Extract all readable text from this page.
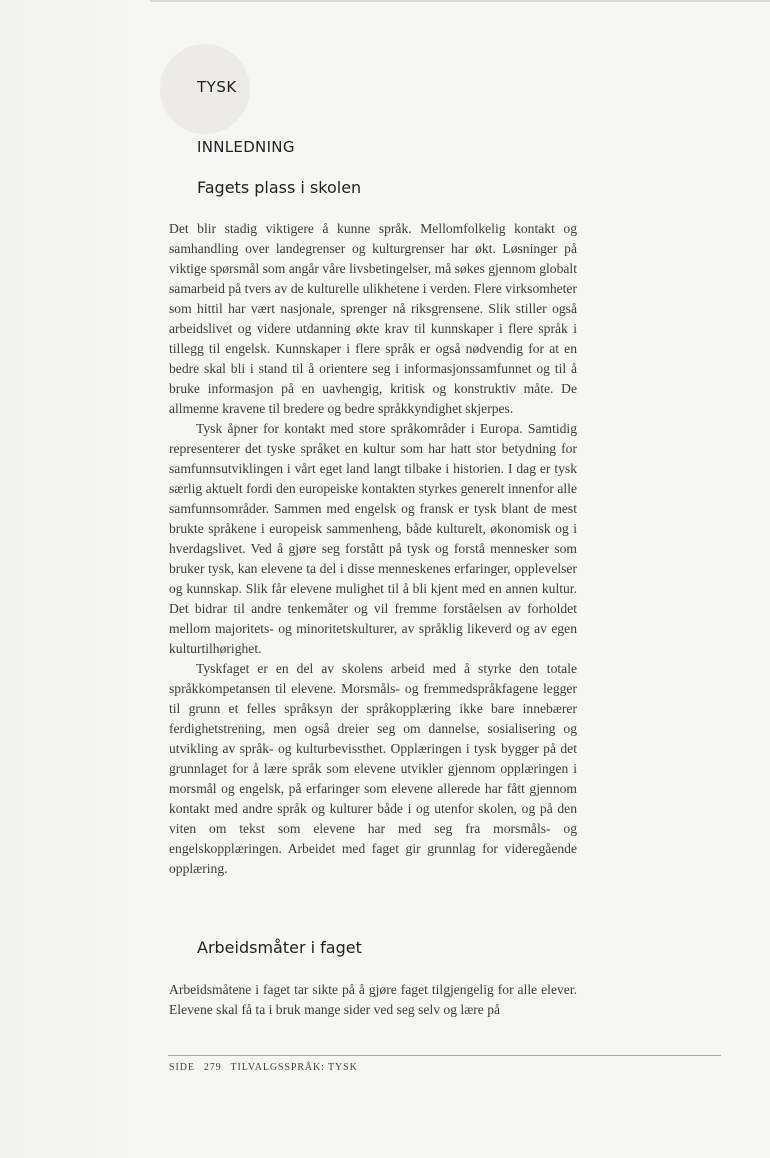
TYSK
INNLEDNING
Fagets plass i skolen

Det blir stadig viktigere å kunne språk. Mellomfolkelig kontakt og samhandling over landegrenser og kulturgrenser har økt. Løsninger på viktige spørsmål som angår våre livsbetingelser, må søkes gjennom globalt samarbeid på tvers av de kulturelle ulikhetene i verden. Flere virksomheter som hittil har vært nasjonale, sprenger nå riksgrensene. Slik stiller også arbeidslivet og videre utdanning økte krav til kunnskaper i flere språk i tillegg til engelsk. Kunnskaper i flere språk er også nødvendig for at en bedre skal bli i stand til å orientere seg i informasjonssamfunnet og til å bruke informasjon på en uavhengig, kritisk og konstruktiv måte. De allmenne kravene til bredere og bedre språkkyndighet skjerpes.

Tysk åpner for kontakt med store språkområder i Europa. Samtidig representerer det tyske språket en kultur som har hatt stor betydning for samfunnsutviklingen i vårt eget land langt tilbake i historien. I dag er tysk særlig aktuelt fordi den europeiske kontakten styrkes generelt innenfor alle samfunnsområder. Sammen med engelsk og fransk er tysk blant de mest brukte språkene i europeisk sammenheng, både kulturelt, økonomisk og i hverdagslivet. Ved å gjøre seg forstått på tysk og forstå mennesker som bruker tysk, kan elevene ta del i disse menneskenes erfaringer, opplevelser og kunnskap. Slik får elevene mulighet til å bli kjent med en annen kultur. Det bidrar til andre tenkemåter og vil fremme forståelsen av forholdet mellom majoritets- og minoritetskulturer, av språklig likeverd og av egen kulturtilhørighet.

Tyskfaget er en del av skolens arbeid med å styrke den totale språkkompetansen til elevene. Morsmåls- og fremmedspråkfagene legger til grunn et felles språksyn der språkopplæring ikke bare innebærer ferdighetstrening, men også dreier seg om dannelse, sosialisering og utvikling av språk- og kulturbevissthet. Opplæringen i tysk bygger på det grunnlaget for å lære språk som elevene utvikler gjennom opplæringen i morsmål og engelsk, på erfaringer som elevene allerede har fått gjennom kontakt med andre språk og kulturer både i og utenfor skolen, og på den viten om tekst som elevene har med seg fra morsmåls- og engelskopplæringen. Arbeidet med faget gir grunnlag for videregående opplæring.

Arbeidsmåter i faget

Arbeidsmåtene i faget tar sikte på å gjøre faget tilgjengelig for alle elever. Elevene skal få ta i bruk mange sider ved seg selv og lære på

SIDE 279 TILVALGSSPRÅK: TYSK
